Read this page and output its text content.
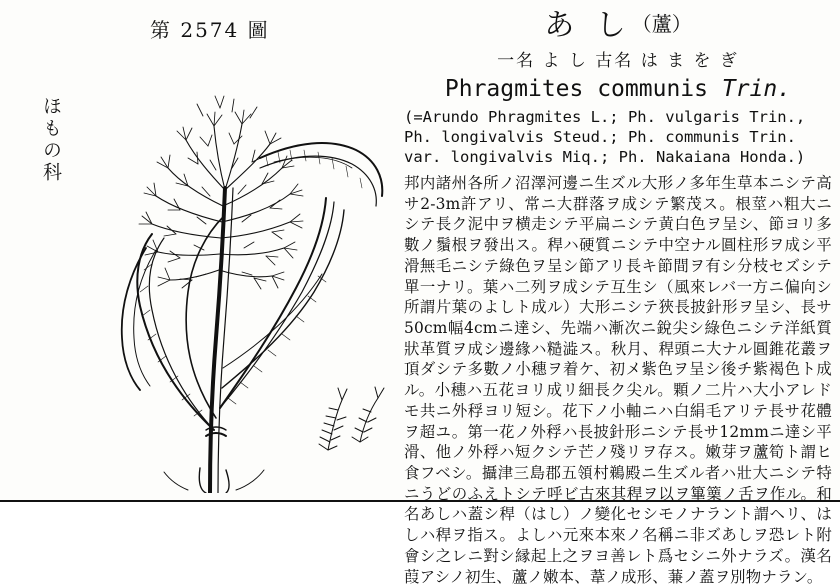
第 2574 圖
ほもの科
あ し（蘆）
一名 よ し 古名 は ま を ぎ
Phragmites communis Trin.
(=Arundo Phragmites L.; Ph. vulgaris Trin.,
Ph. longivalvis Steud.; Ph. communis Trin.
var. longivalvis Miq.; Ph. Nakaiana Honda.)

邦内諸州各所ノ沼澤河邊ニ生ズル大形ノ多年生草本ニシテ高サ2-3m許アリ、常ニ大群落ヲ成シテ繁茂ス。根莖ハ粗大ニシテ長ク泥中ヲ横走シテ平扁ニシテ黄白色ヲ呈シ、節ヨリ多數ノ鬚根ヲ發出ス。稈ハ硬質ニシテ中空ナル圓柱形ヲ成シ平滑無毛ニシテ綠色ヲ呈シ節アリ長キ節間ヲ有シ分枝セズシテ單一ナリ。葉ハ二列ヲ成シテ互生シ（風來レバ一方ニ偏向シ所謂片葉のよしト成ル）大形ニシテ狹長披針形ヲ呈シ、長サ50cm幅4cmニ達シ、先端ハ漸次ニ銳尖シ綠色ニシテ洋紙質狀革質ヲ成シ邊緣ハ糙澁ス。秋月、稈頭ニ大ナル圓錐花叢ヲ頂ダシテ多數ノ小穗ヲ着ケ、初メ紫色ヲ呈シ後チ紫褐色ト成ル。小穗ハ五花ヨリ成リ細長ク尖ル。顆ノ二片ハ大小アレドモ共ニ外稃ヨリ短シ。花下ノ小軸ニハ白絹毛アリテ長サ花體ヲ超ユ。第一花ノ外稃ハ長披針形ニシテ長サ12mmニ達シ平滑、他ノ外稃ハ短クシテ芒ノ殘リヲ存ス。嫩芽ヲ蘆筍ト謂ヒ食フベシ。攝津三島郡五領村鵜殿ニ生ズル者ハ壯大ニシテ特ニうどのふえトシテ呼ビ古來其稈ヲ以ヲ篳篥ノ舌ヲ作ル。和名あしハ蓋シ稈（はし）ノ變化セシモノナラント謂ヘリ、はしハ稈ヲ指ス。よしハ元來本來ノ名稱ニ非ズあしヲ恐レト附會シ之レニ對シ縁起上之ヲヨ善レト爲セシニ外ナラズ。漢名葭アシノ初生、蘆ノ嫩本、葦ノ成形、蒹ノ蓋ヲ別物ナラン。
